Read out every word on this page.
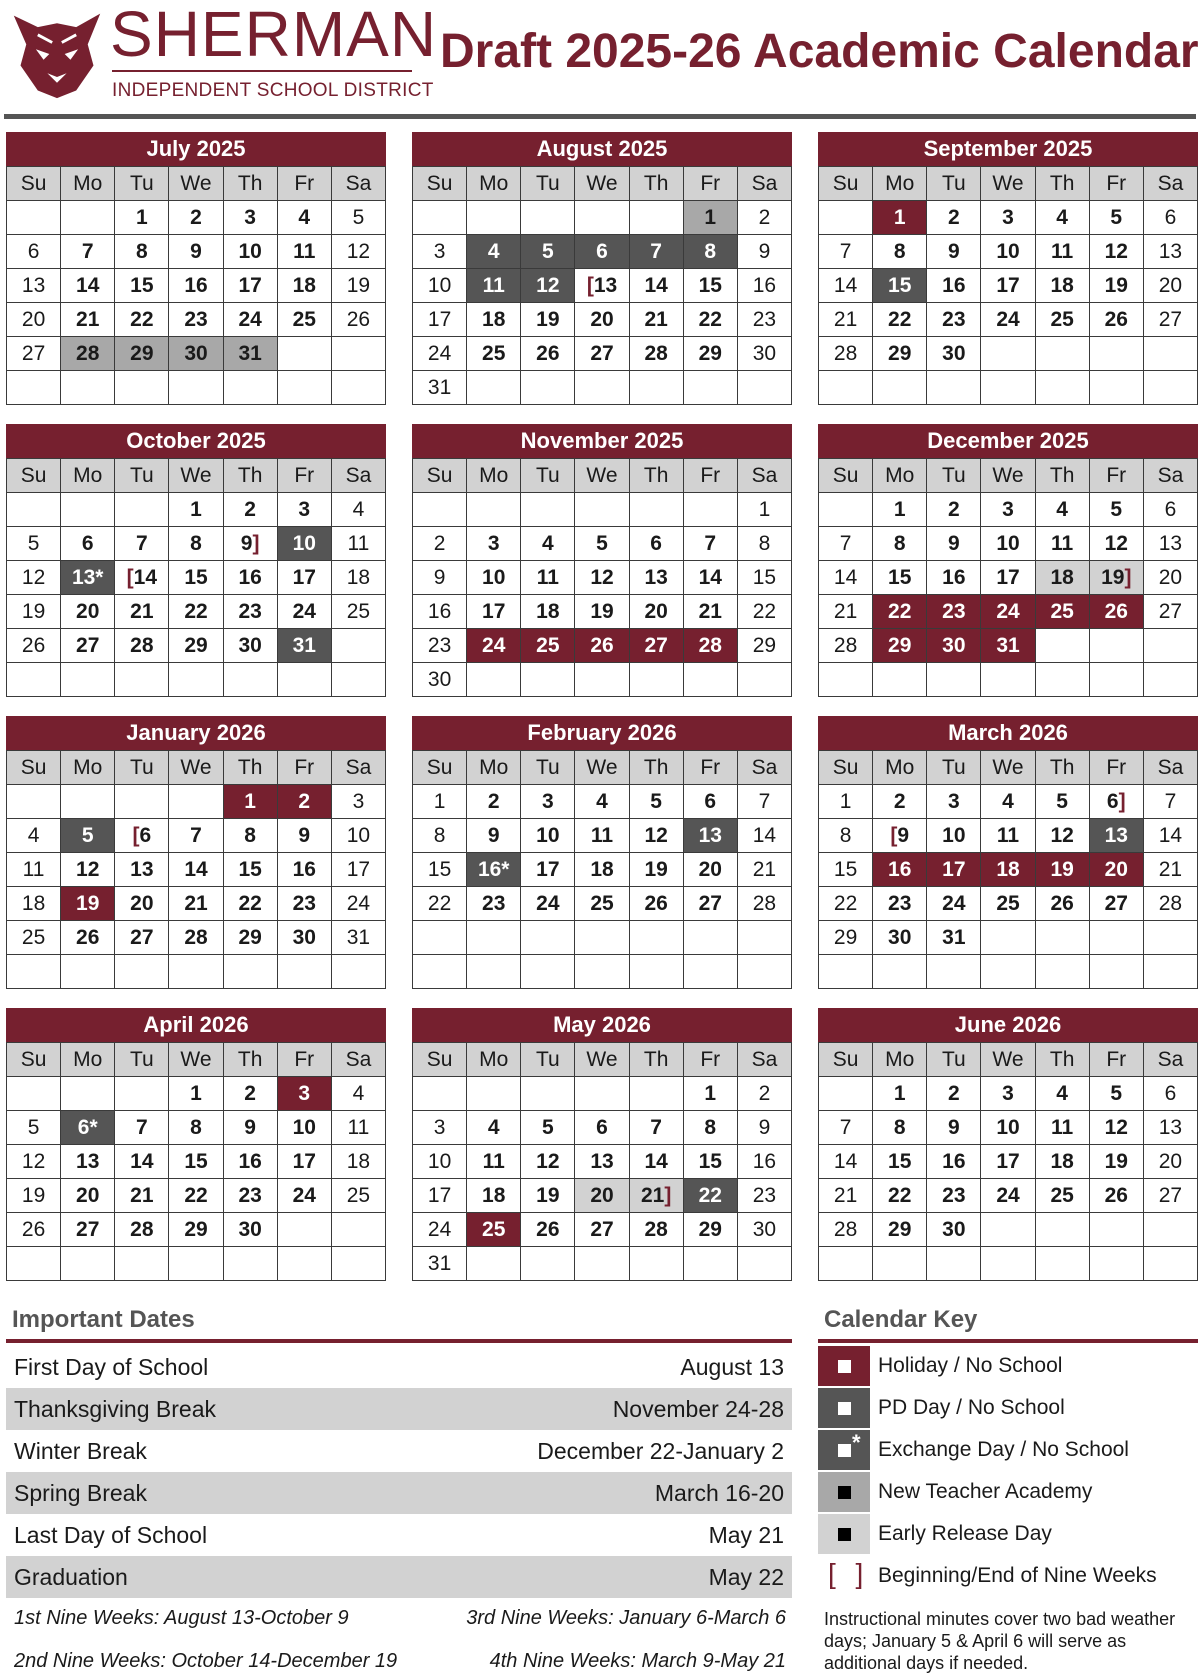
SHERMAN
INDEPENDENT SCHOOL DISTRICT
Draft 2025-26 Academic Calendar
July 2025
Su	Mo	Tu	We	Th	Fr	Sa
		1	2	3	4	5
6	7	8	9	10	11	12
13	14	15	16	17	18	19
20	21	22	23	24	25	26
27	28	29	30	31		

August 2025
Su	Mo	Tu	We	Th	Fr	Sa
					1	2
3	4	5	6	7	8	9
10	11	12	[13	14	15	16
17	18	19	20	21	22	23
24	25	26	27	28	29	30
31						
September 2025
Su	Mo	Tu	We	Th	Fr	Sa
	1	2	3	4	5	6
7	8	9	10	11	12	13
14	15	16	17	18	19	20
21	22	23	24	25	26	27
28	29	30				

October 2025
Su	Mo	Tu	We	Th	Fr	Sa
			1	2	3	4
5	6	7	8	9]	10	11
12	13*	[14	15	16	17	18
19	20	21	22	23	24	25
26	27	28	29	30	31	

November 2025
Su	Mo	Tu	We	Th	Fr	Sa
						1
2	3	4	5	6	7	8
9	10	11	12	13	14	15
16	17	18	19	20	21	22
23	24	25	26	27	28	29
30						
December 2025
Su	Mo	Tu	We	Th	Fr	Sa
	1	2	3	4	5	6
7	8	9	10	11	12	13
14	15	16	17	18	19]	20
21	22	23	24	25	26	27
28	29	30	31			

January 2026
Su	Mo	Tu	We	Th	Fr	Sa
				1	2	3
4	5	[6	7	8	9	10
11	12	13	14	15	16	17
18	19	20	21	22	23	24
25	26	27	28	29	30	31

February 2026
Su	Mo	Tu	We	Th	Fr	Sa
1	2	3	4	5	6	7
8	9	10	11	12	13	14
15	16*	17	18	19	20	21
22	23	24	25	26	27	28

March 2026
Su	Mo	Tu	We	Th	Fr	Sa
1	2	3	4	5	6]	7
8	[9	10	11	12	13	14
15	16	17	18	19	20	21
22	23	24	25	26	27	28
29	30	31				

April 2026
Su	Mo	Tu	We	Th	Fr	Sa
			1	2	3	4
5	6*	7	8	9	10	11
12	13	14	15	16	17	18
19	20	21	22	23	24	25
26	27	28	29	30		

May 2026
Su	Mo	Tu	We	Th	Fr	Sa
					1	2
3	4	5	6	7	8	9
10	11	12	13	14	15	16
17	18	19	20	21]	22	23
24	25	26	27	28	29	30
31						
June 2026
Su	Mo	Tu	We	Th	Fr	Sa
	1	2	3	4	5	6
7	8	9	10	11	12	13
14	15	16	17	18	19	20
21	22	23	24	25	26	27
28	29	30				

Important Dates
First Day of School	August 13
Thanksgiving Break	November 24-28
Winter Break	December 22-January 2
Spring Break	March 16-20
Last Day of School	May 21
Graduation	May 22
1st Nine Weeks: August 13-October 9	3rd Nine Weeks: January 6-March 6
2nd Nine Weeks: October 14-December 19	4th Nine Weeks: March 9-May 21
Calendar Key
Holiday / No School
PD Day / No School
* Exchange Day / No School
New Teacher Academy
Early Release Day
[ ] Beginning/End of Nine Weeks
Instructional minutes cover two bad weather days; January 5 & April 6 will serve as additional days if needed.
